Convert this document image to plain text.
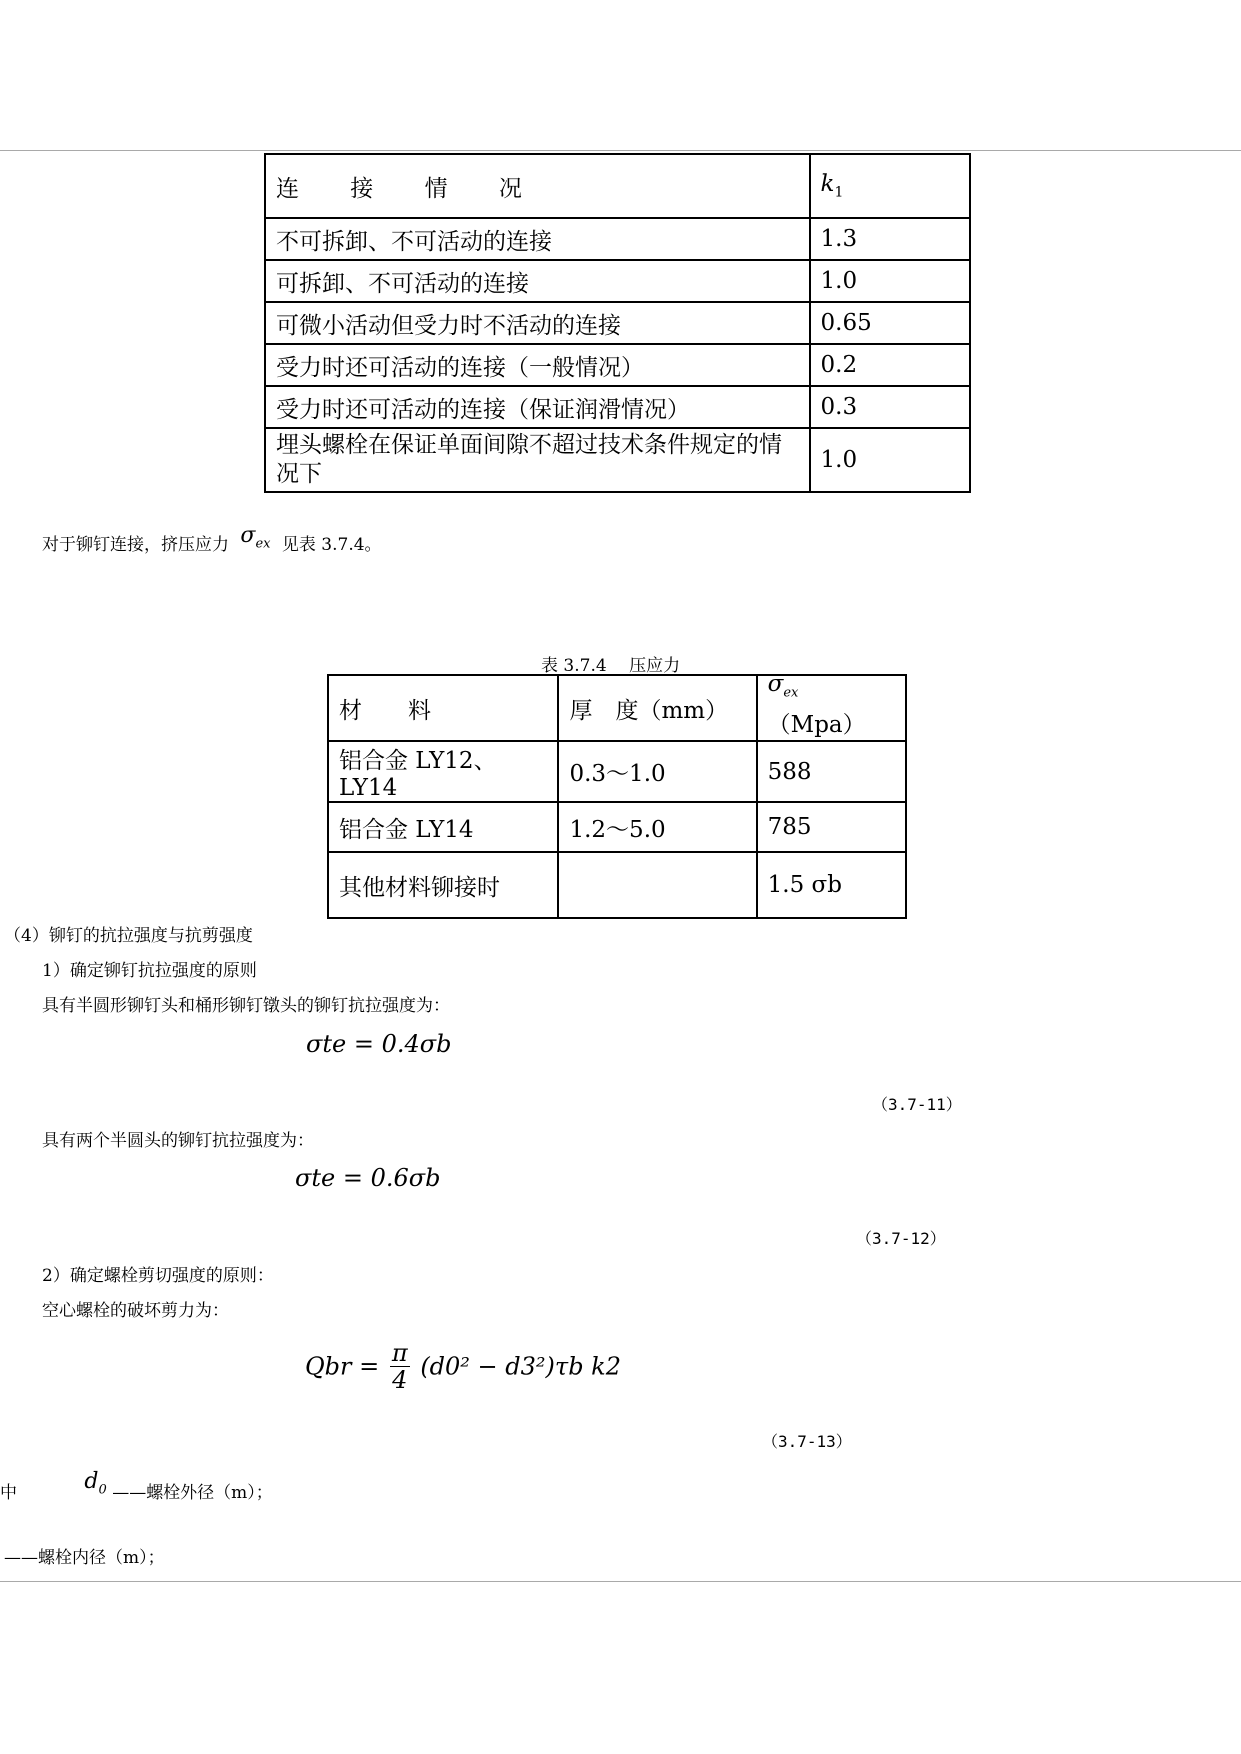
连 接 情 况	$k_1$
不可拆卸、不可活动的连接	1.3
可拆卸、不可活动的连接	1.0
可微小活动但受力时不活动的连接	0.65
受力时还可活动的连接（一般情况）	0.2
受力时还可活动的连接（保证润滑情况）	0.3
埋头螺栓在保证单面间隙不超过技术条件规定的情况下	1.0
对于铆钉连接，挤压应力 $\sigma_{ex}$ 见表 3.7.4。
表 3.7.4　 压应力
材　　料	厚　度（mm）	$\sigma_{ex}(Mpa)$
铝合金 LY12、LY14	0.3～1.0	588
铝合金 LY14	1.2～5.0	785
其他材料铆接时		1.5 σb
（4）铆钉的抗拉强度与抗剪强度
1）确定铆钉抗拉强度的原则
具有半圆形铆钉头和桶形铆钉镦头的铆钉抗拉强度为：
σte = 0.4σb
（3.7-11）
具有两个半圆头的铆钉抗拉强度为：
σte = 0.6σb
（3.7-12）
2）确定螺栓剪切强度的原则：
空心螺栓的破坏剪力为：
Qbr = $\frac{\pi}{4} (d0^2 - d3^2)\tau b$ k2
（3.7-13）
中	$d_0$ ——螺栓外径（m）；
——螺栓内径（m）；
